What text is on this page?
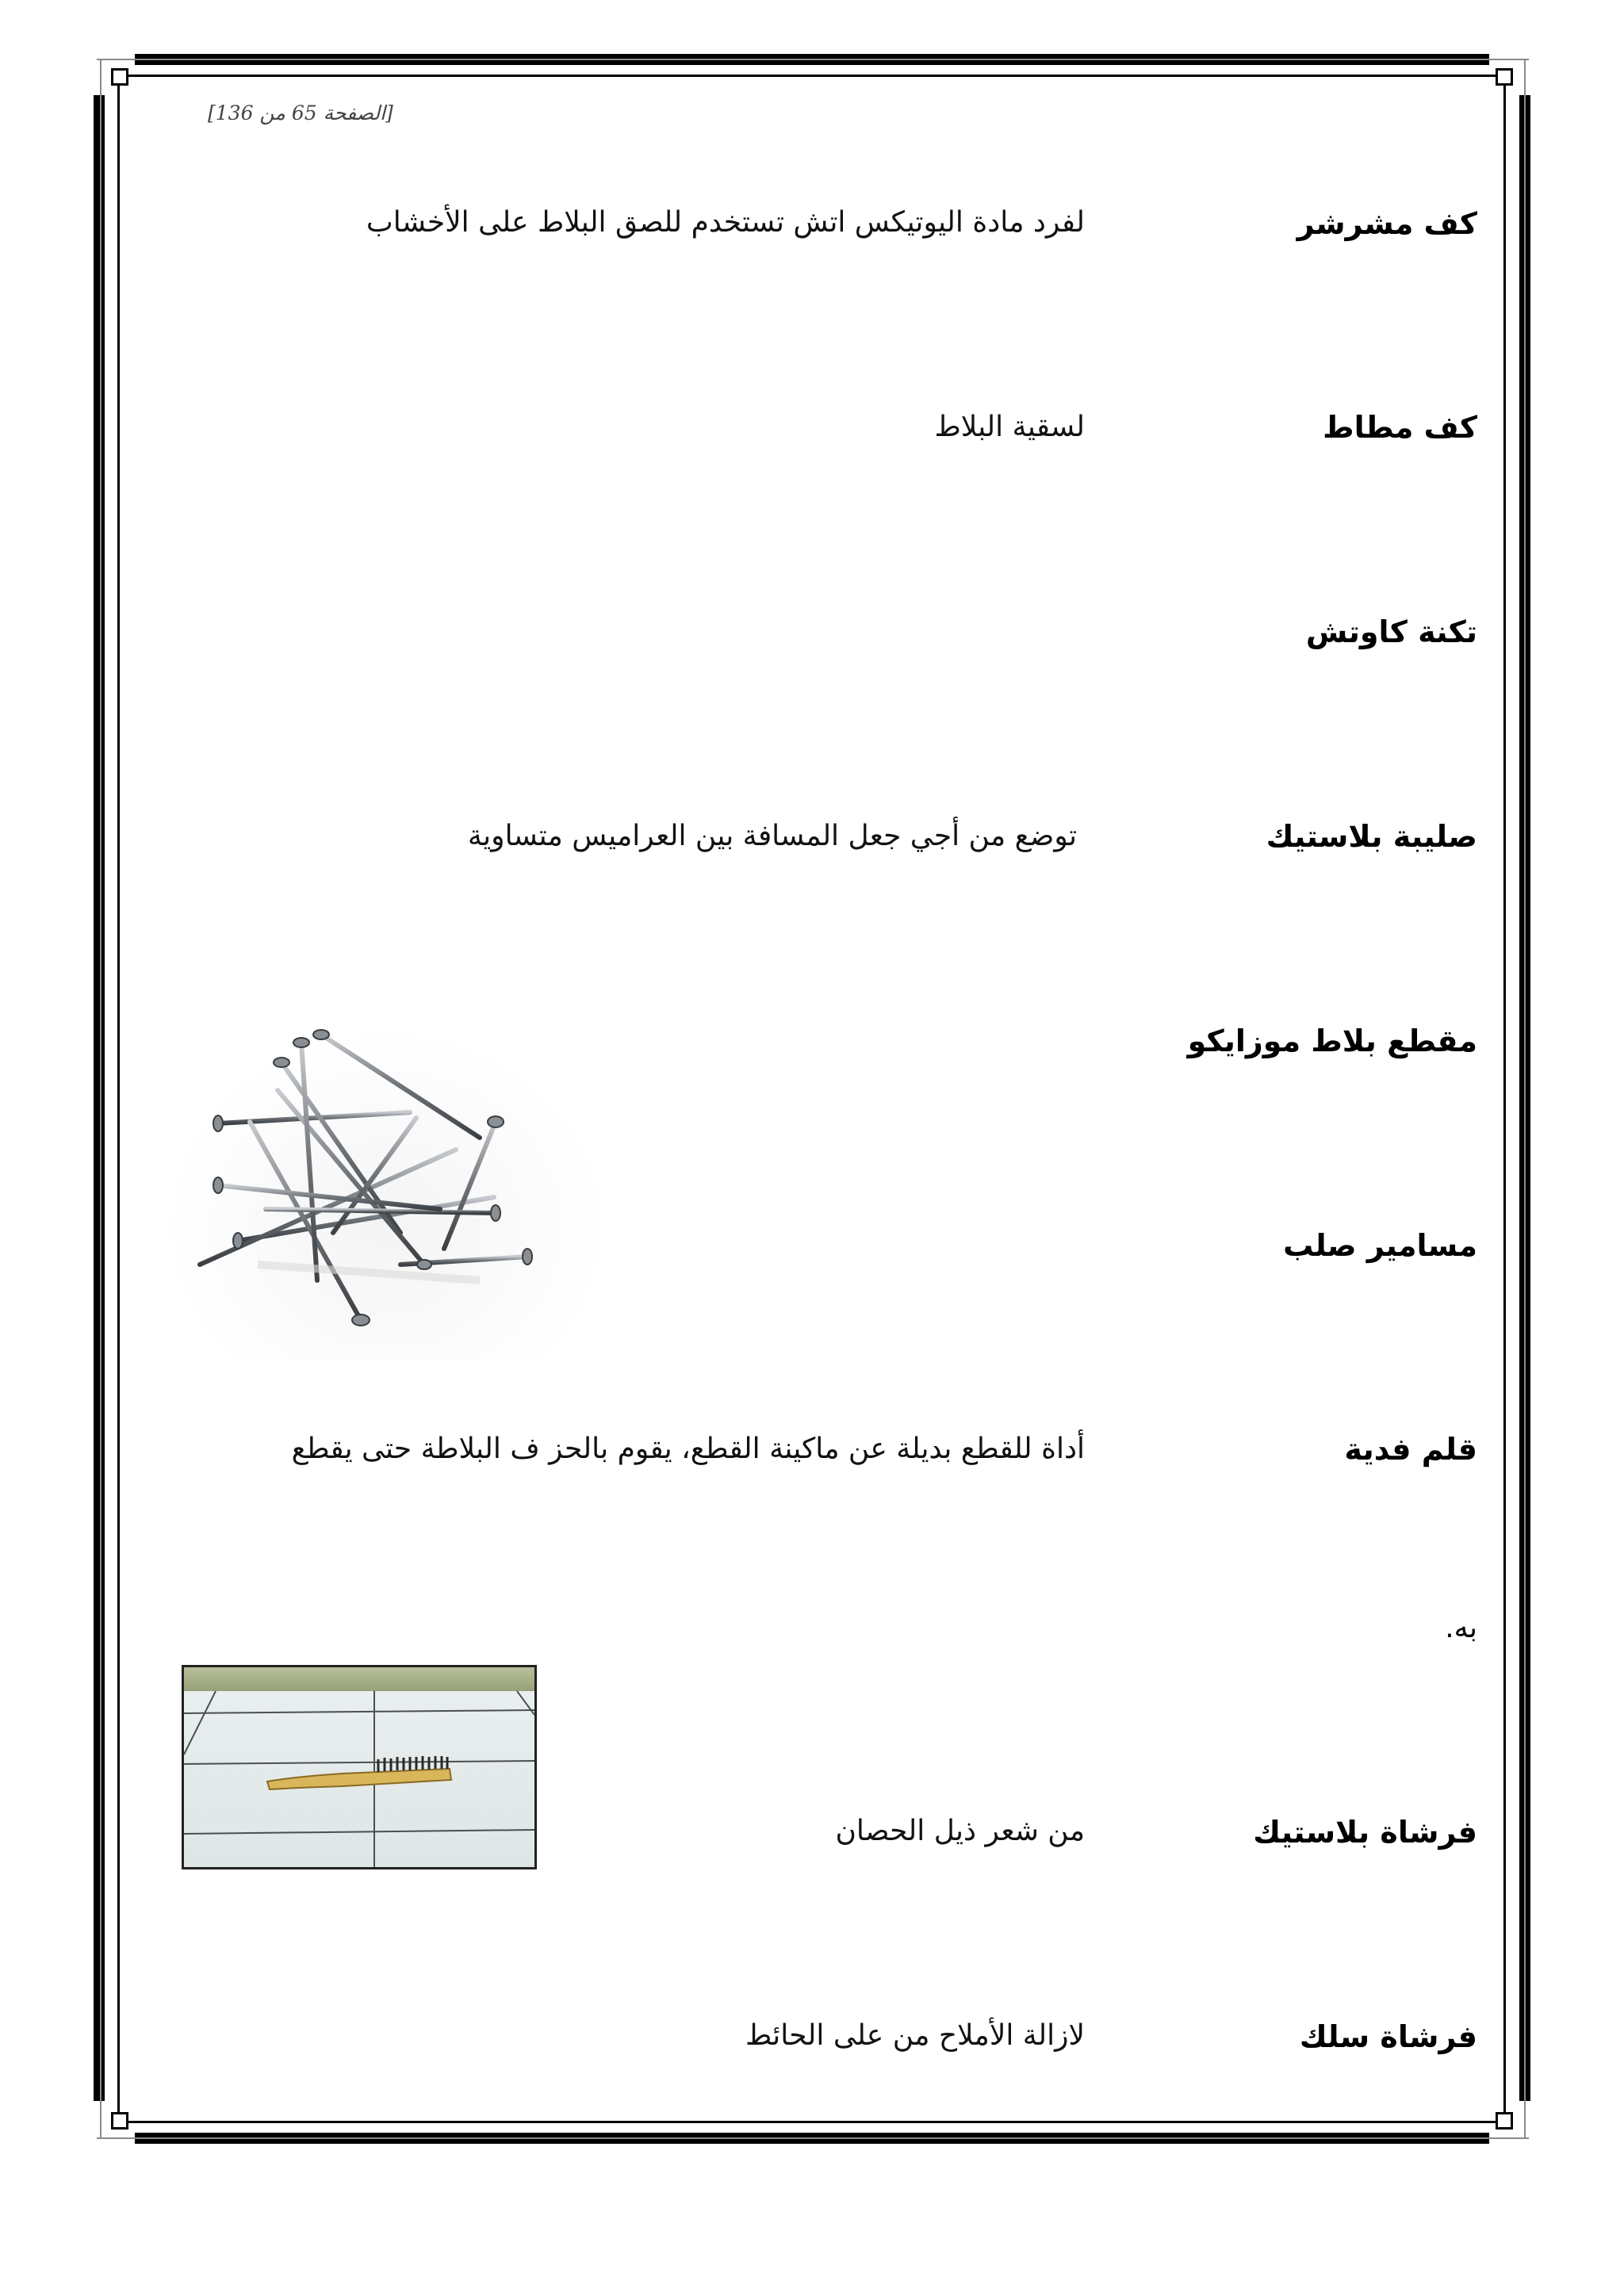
[الصفحة 65 من 136]
كف مشرشر
لفرد مادة اليوتيكس اتش تستخدم للصق البلاط على الأخشاب
كف مطاط
لسقية البلاط
تكنة كاوتش
صليبة بلاستيك
توضع من أجي جعل المسافة بين العراميس متساوية
مقطع بلاط موزايكو
مسامير صلب
قلم فدية
أداة للقطع بديلة عن ماكينة القطع، يقوم بالحز ف البلاطة حتى يقطع
به.
فرشاة بلاستيك
من شعر ذيل الحصان
فرشاة سلك
لازالة الأملاح من على الحائط
